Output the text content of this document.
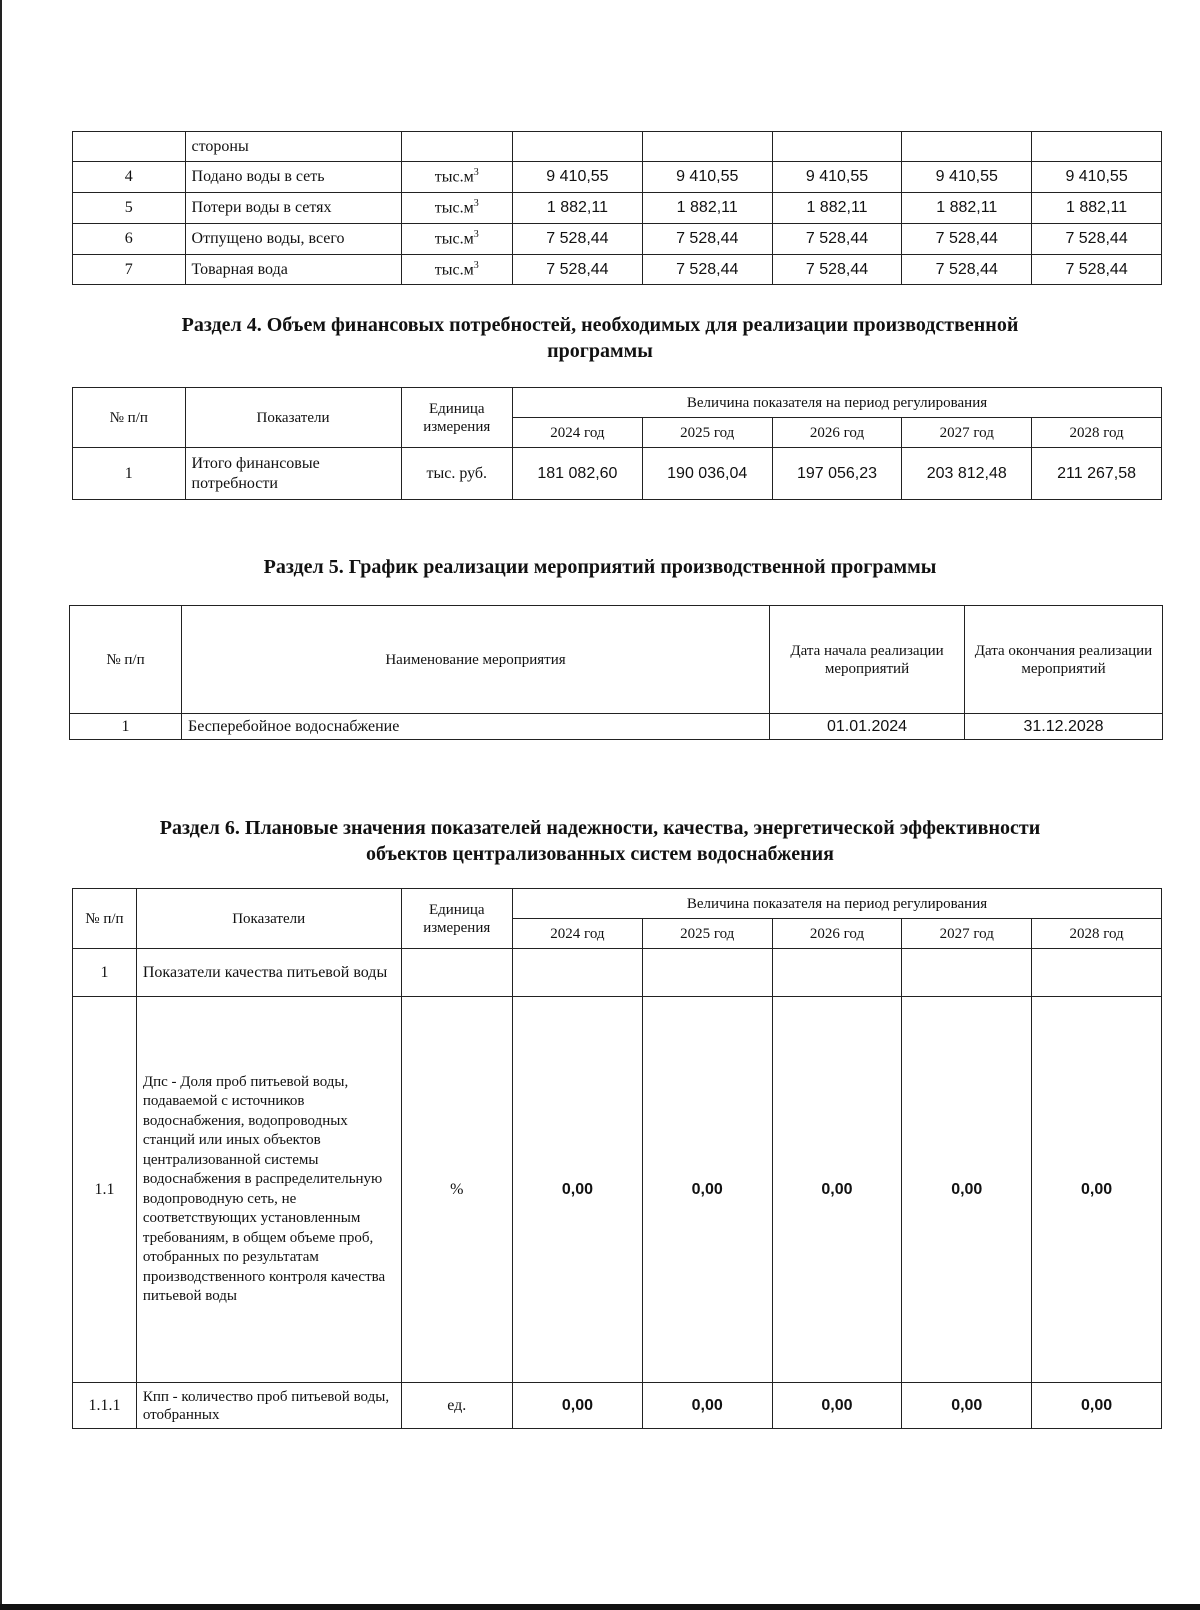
	стороны						
4	Подано воды в сеть	$тыс.м^3$	9 410,55	9 410,55	9 410,55	9 410,55	9 410,55
5	Потери воды в сетях	$тыс.м^3$	1 882,11	1 882,11	1 882,11	1 882,11	1 882,11
6	Отпущено воды, всего	$тыс.м^3$	7 528,44	7 528,44	7 528,44	7 528,44	7 528,44
7	Товарная вода	$тыс.м^3$	7 528,44	7 528,44	7 528,44	7 528,44	7 528,44
Раздел 4. Объем финансовых потребностей, необходимых для реализации производственной
программы
№ п/п	Показатели	Единица измерения	Величина показателя на период регулирования				
			2024 год	2025 год	2026 год	2027 год	2028 год
1	Итого финансовые потребности	тыс. руб.	181 082,60	190 036,04	197 056,23	203 812,48	211 267,58
Раздел 5. График реализации мероприятий производственной программы
№ п/п	Наименование мероприятия	Дата начала реализации мероприятий	Дата окончания реализации мероприятий
1	Бесперебойное водоснабжение	01.01.2024	31.12.2028
Раздел 6. Плановые значения показателей надежности, качества, энергетической эффективности
объектов централизованных систем водоснабжения
№ п/п	Показатели	Единица измерения	Величина показателя на период регулирования				
			2024 год	2025 год	2026 год	2027 год	2028 год
1	Показатели качества питьевой воды						
1.1	Дпс - Доля проб питьевой воды, подаваемой с источников водоснабжения, водопроводных станций или иных объектов централизованной системы водоснабжения в распределительную водопроводную сеть, не соответствующих установленным требованиям, в общем объеме проб, отобранных по результатам производственного контроля качества питьевой воды	%	0,00	0,00	0,00	0,00	0,00
1.1.1	Кпп - количество проб питьевой воды, отобранных	ед.	0,00	0,00	0,00	0,00	0,00
